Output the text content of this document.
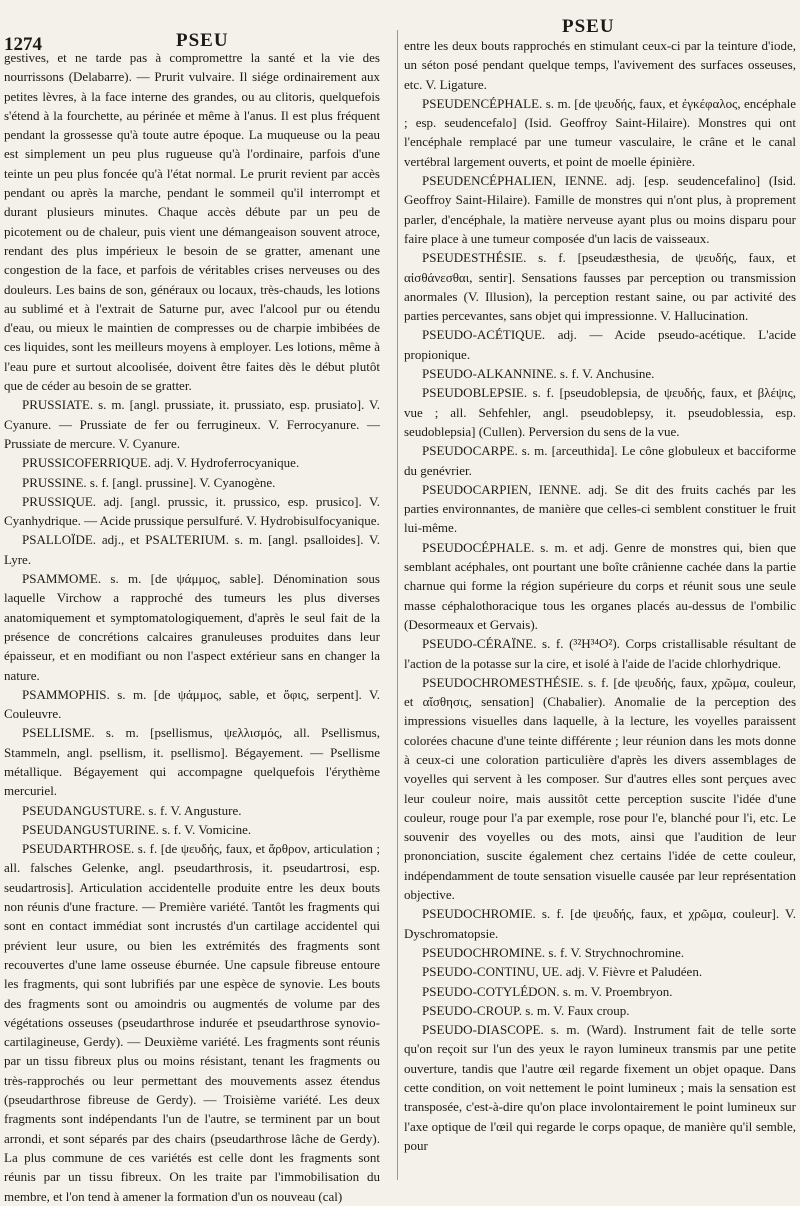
1274	PSEU
PSEU

gestives, et ne tarde pas à compromettre la santé et la vie des nourrissons (Delabarre). — Prurit vulvaire. Il siége ordinairement aux petites lèvres, à la face interne des grandes, ou au clitoris, quelquefois s'étend à la fourchette, au périnée et même à l'anus. Il est plus fréquent pendant la grossesse qu'à toute autre époque. La muqueuse ou la peau est simplement un peu plus rugueuse qu'à l'ordinaire, parfois d'une teinte un peu plus foncée qu'à l'état normal. Le prurit revient par accès pendant ou après la marche, pendant le sommeil qu'il interrompt et durant plusieurs minutes. Chaque accès débute par un peu de picotement ou de chaleur, puis vient une démangeaison souvent atroce, rendant des plus impérieux le besoin de se gratter, amenant une congestion de la face, et parfois de véritables crises nerveuses ou des douleurs. Les bains de son, généraux ou locaux, très-chauds, les lotions au sublimé et à l'extrait de Saturne pur, avec l'alcool pur ou étendu d'eau, ou mieux le maintien de compresses ou de charpie imbibées de ces liquides, sont les meilleurs moyens à employer. Les lotions, même à l'eau pure et surtout alcoolisée, doivent être faites dès le début plutôt que de céder au besoin de se gratter.

PRUSSIATE. s. m. [angl. prussiate, it. prussiato, esp. prusiato]. V. Cyanure. — Prussiate de fer ou ferrugineux. V. Ferrocyanure. — Prussiate de mercure. V. Cyanure.

PRUSSICOFERRIQUE. adj. V. Hydroferrocyanique.

PRUSSINE. s. f. [angl. prussine]. V. Cyanogène.

PRUSSIQUE. adj. [angl. prussic, it. prussico, esp. prusico]. V. Cyanhydrique. — Acide prussique persulfuré. V. Hydrobisulfocyanique.

PSALLOÏDE. adj., et PSALTERIUM. s. m. [angl. psalloides]. V. Lyre.

PSAMMOME. s. m. [de ψάμμος, sable]. Dénomination sous laquelle Virchow a rapproché des tumeurs les plus diverses anatomiquement et symptomatologiquement, d'après le seul fait de la présence de concrétions calcaires granuleuses produites dans leur épaisseur, et en modifiant ou non l'aspect extérieur sans en changer la nature.

PSAMMOPHIS. s. m. [de ψάμμος, sable, et ὄφις, serpent]. V. Couleuvre.

PSELLISME. s. m. [psellismus, ψελλισμός, all. Psellismus, Stammeln, angl. psellism, it. psellismo]. Bégayement. — Psellisme métallique. Bégayement qui accompagne quelquefois l'érythème mercuriel.

PSEUDANGUSTURE. s. f. V. Angusture.

PSEUDANGUSTURINE. s. f. V. Vomicine.

PSEUDARTHROSE. s. f. [de ψευδής, faux, et ἄρθρον, articulation ; all. falsches Gelenke, angl. pseudarthrosis, it. pseudartrosi, esp. seudartrosis]. Articulation accidentelle produite entre les deux bouts non réunis d'une fracture. — Première variété. Tantôt les fragments qui sont en contact immédiat sont incrustés d'un cartilage accidentel qui prévient leur usure, ou bien les extrémités des fragments sont recouvertes d'une lame osseuse éburnée. Une capsule fibreuse entoure les fragments, qui sont lubrifiés par une espèce de synovie. Les bouts des fragments sont ou amoindris ou augmentés de volume par des végétations osseuses (pseudarthrose indurée et pseudarthrose synovio-cartilagineuse, Gerdy). — Deuxième variété. Les fragments sont réunis par un tissu fibreux plus ou moins résistant, tenant les fragments ou très-rapprochés ou leur permettant des mouvements assez étendus (pseudarthrose fibreuse de Gerdy). — Troisième variété. Les deux fragments sont indépendants l'un de l'autre, se terminent par un bout arrondi, et sont séparés par des chairs (pseudarthrose lâche de Gerdy). La plus commune de ces variétés est celle dont les fragments sont réunis par un tissu fibreux. On les traite par l'immobilisation du membre, et l'on tend à amener la formation d'un os nouveau (cal)

entre les deux bouts rapprochés en stimulant ceux-ci par la teinture d'iode, un séton posé pendant quelque temps, l'avivement des surfaces osseuses, etc. V. Ligature.

PSEUDENCÉPHALE. s. m. [de ψευδής, faux, et ἐγκέφαλος, encéphale ; esp. seudencefalo] (Isid. Geoffroy Saint-Hilaire). Monstres qui ont l'encéphale remplacé par une tumeur vasculaire, le crâne et le canal vertébral largement ouverts, et point de moelle épinière.

PSEUDENCÉPHALIEN, IENNE. adj. [esp. seudencefalino] (Isid. Geoffroy Saint-Hilaire). Famille de monstres qui n'ont plus, à proprement parler, d'encéphale, la matière nerveuse ayant plus ou moins disparu pour faire place à une tumeur composée d'un lacis de vaisseaux.

PSEUDESTHÉSIE. s. f. [pseudæsthesia, de ψευδής, faux, et αἰσθάνεσθαι, sentir]. Sensations fausses par perception ou transmission anormales (V. Illusion), la perception restant saine, ou par activité des parties percevantes, sans objet qui impressionne. V. Hallucination.

PSEUDO-ACÉTIQUE. adj. — Acide pseudo-acétique. L'acide propionique.

PSEUDO-ALKANNINE. s. f. V. Anchusine.

PSEUDOBLEPSIE. s. f. [pseudoblepsia, de ψευδής, faux, et βλέψις, vue ; all. Sehfehler, angl. pseudoblepsy, it. pseudoblessia, esp. seudoblepsia] (Cullen). Perversion du sens de la vue.

PSEUDOCARPE. s. m. [arceuthida]. Le cône globuleux et bacciforme du genévrier.

PSEUDOCARPIEN, IENNE. adj. Se dit des fruits cachés par les parties environnantes, de manière que celles-ci semblent constituer le fruit lui-même.

PSEUDOCÉPHALE. s. m. et adj. Genre de monstres qui, bien que semblant acéphales, ont pourtant une boîte crânienne cachée dans la partie charnue qui forme la région supérieure du corps et réunit sous une seule masse céphalothoracique tous les organes placés au-dessus de l'ombilic (Desormeaux et Gervais).

PSEUDO-CÉRAÏNE. s. f. (³²H³⁴O²). Corps cristallisable résultant de l'action de la potasse sur la cire, et isolé à l'aide de l'acide chlorhydrique.

PSEUDOCHROMESTHÉSIE. s. f. [de ψευδής, faux, χρῶμα, couleur, et αἴσθησις, sensation] (Chabalier). Anomalie de la perception des impressions visuelles dans laquelle, à la lecture, les voyelles paraissent colorées chacune d'une teinte différente ; leur réunion dans les mots donne à ceux-ci une coloration particulière d'après les divers assemblages de voyelles qui servent à les composer. Sur d'autres elles sont perçues avec leur couleur noire, mais aussitôt cette perception suscite l'idée d'une couleur, rouge pour l'a par exemple, rose pour l'e, blanché pour l'i, etc. Le souvenir des voyelles ou des mots, ainsi que l'audition de leur prononciation, suscite également chez certains l'idée de cette couleur, indépendamment de toute sensation visuelle causée par leur représentation objective.

PSEUDOCHROMIE. s. f. [de ψευδής, faux, et χρῶμα, couleur]. V. Dyschromatopsie.

PSEUDOCHROMINE. s. f. V. Strychnochromine.

PSEUDO-CONTINU, UE. adj. V. Fièvre et Paludéen.

PSEUDO-COTYLÉDON. s. m. V. Proembryon.

PSEUDO-CROUP. s. m. V. Faux croup.

PSEUDO-DIASCOPE. s. m. (Ward). Instrument fait de telle sorte qu'on reçoit sur l'un des yeux le rayon lumineux transmis par une petite ouverture, tandis que l'autre œil regarde fixement un objet opaque. Dans cette condition, on voit nettement le point lumineux ; mais la sensation est transposée, c'est-à-dire qu'on place involontairement le point lumineux sur l'axe optique de l'œil qui regarde le corps opaque, de manière qu'il semble, pour
